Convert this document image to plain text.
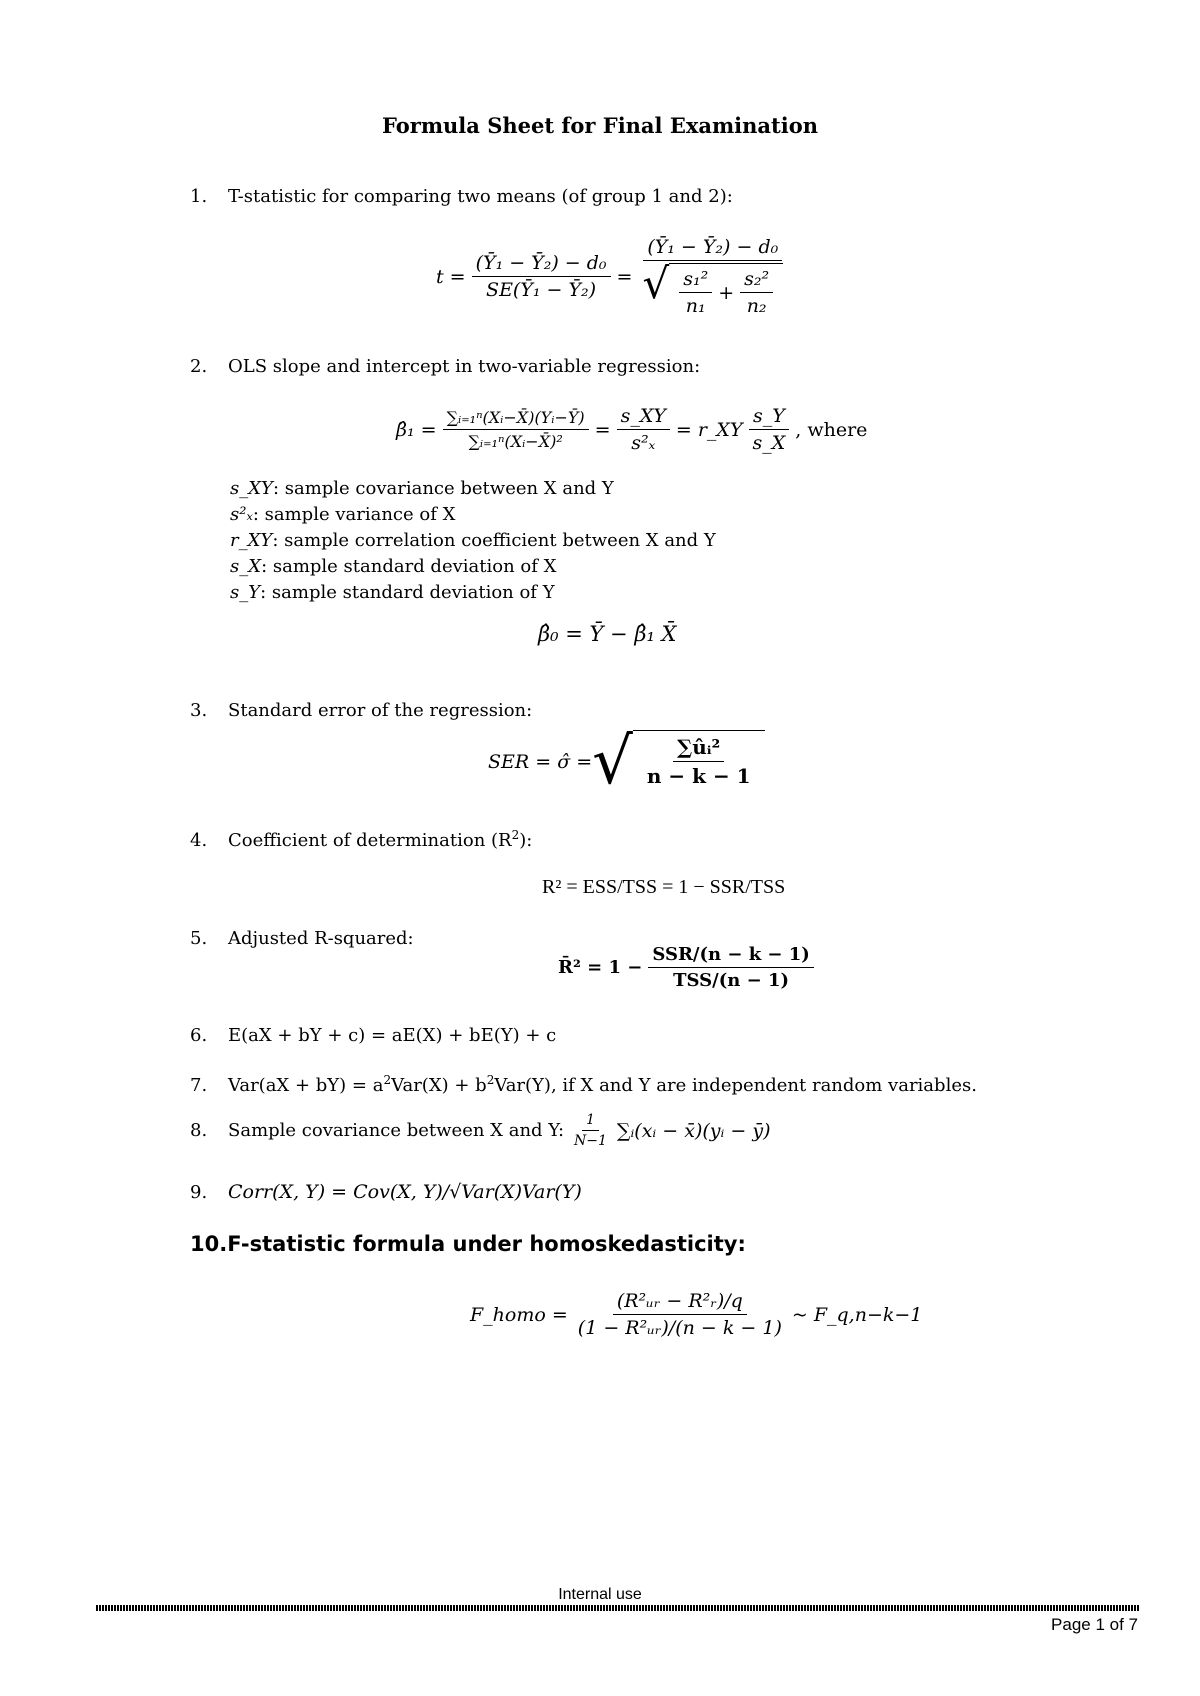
Formula Sheet for Final Examination
1. T-statistic for comparing two means (of group 1 and 2):
$t = \frac{\text{(Ȳ₁ − Ȳ₂) − d₀}}{\text{SE(Ȳ₁ − Ȳ₂)}} = \frac{\text{(Ȳ₁ − Ȳ₂) − d₀}}{√ \frac{\text{s₁²}}{\text{n₁}} + \frac{\text{s₂²}}{\text{n₂}}}$
2. OLS slope and intercept in two-variable regression:
β̂₁ = $\frac{\text{∑ᵢ₌₁ⁿ(Xᵢ−X̄)(Yᵢ−Ȳ)}}{\text{∑ᵢ₌₁ⁿ(Xᵢ−X̄)²}} = \frac{s\_XY}{\text{s²ₓ}}$ = r_XY $\frac{s\_Y}{s\_X}$ , where
s_XY: sample covariance between X and Y
s²ₓ: sample variance of X
r_XY: sample correlation coefficient between X and Y
s_X: sample standard deviation of X
s_Y: sample standard deviation of Y
β̂₀ = Ȳ − β̂₁ X̄
3. Standard error of the regression:
SER = σ̂ = √ $\frac{\text{∑ûᵢ²}}{n - k - 1}$
4. Coefficient of determination $(R^2)$:
R² = ESS/TSS = 1 − SSR/TSS
5. Adjusted R-squared:
R̄² = $1 - \frac{\text{SSR/(n − k − 1)}}{\text{TSS/(n − 1)}}$
6. E(aX + bY + c) = aE(X) + bE(Y) + c
7. $Var(aX + bY) = a^2Var(X) + b^2Var(Y)$, if X and Y are independent random variables.
8.	Sample covariance between X and Y: $\frac{1}{N-1}$ ∑ᵢ(xᵢ − x̄)(yᵢ − ȳ)
9. Corr(X, Y) = Cov(X, Y)/√Var(X)Var(Y)
10.F-statistic formula under homoskedasticity:
F_homo = $\frac{\text{(R²ᵤᵣ − R²ᵣ)/q}}{\text{(1 − R²ᵤᵣ)/(n − k − 1)}}$ ~ F_q,n−k−1
Internal use
Page 1 of 7
